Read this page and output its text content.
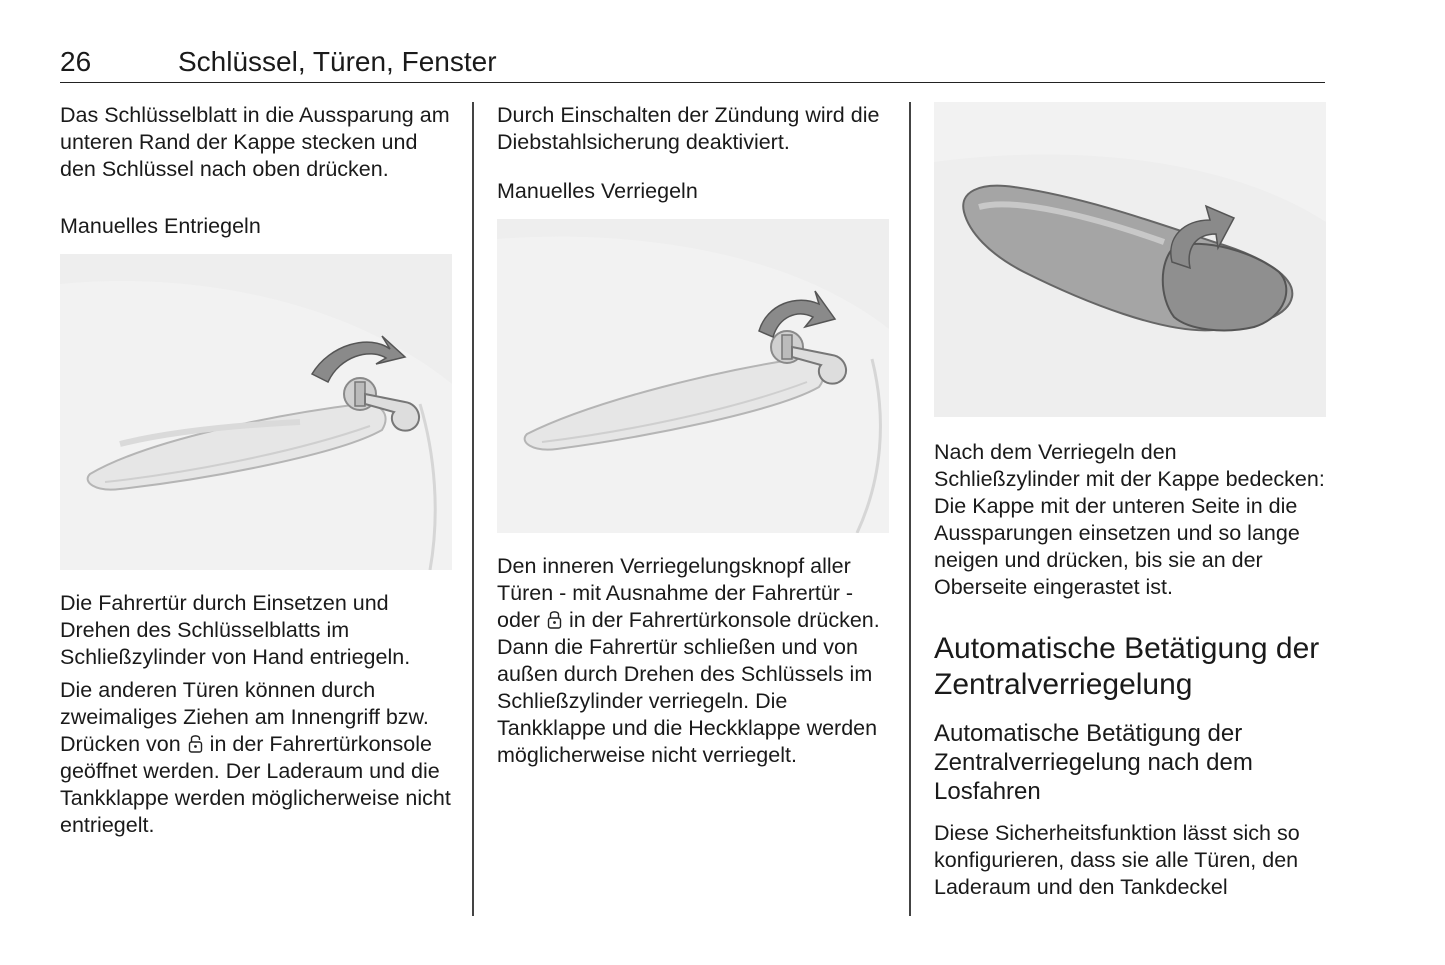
26	Schlüssel, Türen, Fenster

Das Schlüsselblatt in die Aussparung am unteren Rand der Kappe stecken und den Schlüssel nach oben drücken.

Manuelles Entriegeln

Die Fahrertür durch Einsetzen und Drehen des Schlüsselblatts im Schließzylinder von Hand entriegeln.

Die anderen Türen können durch zweimaliges Ziehen am Innengriff bzw. Drücken von in der Fahrertürkonsole geöffnet werden. Der Laderaum und die Tankklappe werden möglicherweise nicht entriegelt.

Durch Einschalten der Zündung wird die Diebstahlsicherung deaktiviert.

Manuelles Verriegeln

Den inneren Verriegelungsknopf aller Türen - mit Ausnahme der Fahrertür - oder in der Fahrertürkonsole drücken. Dann die Fahrertür schließen und von außen durch Drehen des Schlüssels im Schließzylinder verriegeln. Die Tankklappe und die Heckklappe werden möglicherweise nicht verriegelt.

Nach dem Verriegeln den Schließzylinder mit der Kappe bedecken: Die Kappe mit der unteren Seite in die Aussparungen einsetzen und so lange neigen und drücken, bis sie an der Oberseite eingerastet ist.

Automatische Betätigung der Zentralverriegelung
Automatische Betätigung der Zentralverriegelung nach dem Losfahren

Diese Sicherheitsfunktion lässt sich so konfigurieren, dass sie alle Türen, den Laderaum und den Tankdeckel
